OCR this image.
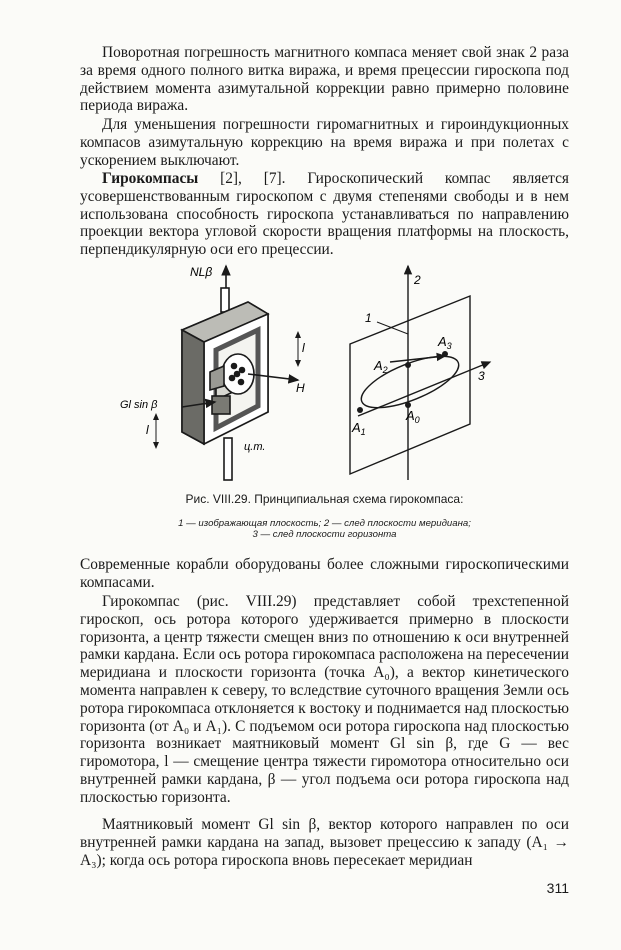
Поворотная погрешность магнитного компаса меняет свой знак 2 раза за время одного полного витка виража, и время прецессии гироскопа под действием момента азимутальной коррекции равно примерно половине периода виража.

Для уменьшения погрешности гиромагнитных и гироиндукционных компасов азимутальную коррекцию на время виража и при полетах с ускорением выключают.

Гирокомпасы [2], [7]. Гироскопический компас является усовершенствованным гироскопом с двумя степенями свободы и в нем использована способность гироскопа устанавливаться по направлению проекции вектора угловой скорости вращения платформы на плоскость, перпендикулярную оси его прецессии.

NLβ
Gl sin β
l
l
H
ц.т.
1
2
3
$A_0$
$A_1$
$A_2$
$A_3$
Рис. VIII.29. Принципиальная схема гирокомпаса:
1 — изображающая плоскость; 2 — след плоскости меридиана;
3 — след плоскости горизонта

Современные корабли оборудованы более сложными гироскопическими компасами.

Гирокомпас (рис. VIII.29) представляет собой трехстепенной гироскоп, ось ротора которого удерживается примерно в плоскости горизонта, а центр тяжести смещен вниз по отношению к оси внутренней рамки кардана. Если ось ротора гирокомпаса расположена на пересечении меридиана и плоскости горизонта (точка A₀), а вектор кинетического момента направлен к северу, то вследствие суточного вращения Земли ось ротора гирокомпаса отклоняется к востоку и поднимается над плоскостью горизонта (от A₀ и A₁). С подъемом оси ротора гироскопа над плоскостью горизонта возникает маятниковый момент Gl sin β, где G — вес гиромотора, l — смещение центра тяжести гиромотора относительно оси внутренней рамки кардана, β — угол подъема оси ротора гироскопа над плоскостью горизонта.

Маятниковый момент Gl sin β, вектор которого направлен по оси внутренней рамки кардана на запад, вызовет прецессию к западу (A₁ → A₃); когда ось ротора гироскопа вновь пересекает меридиан

311
